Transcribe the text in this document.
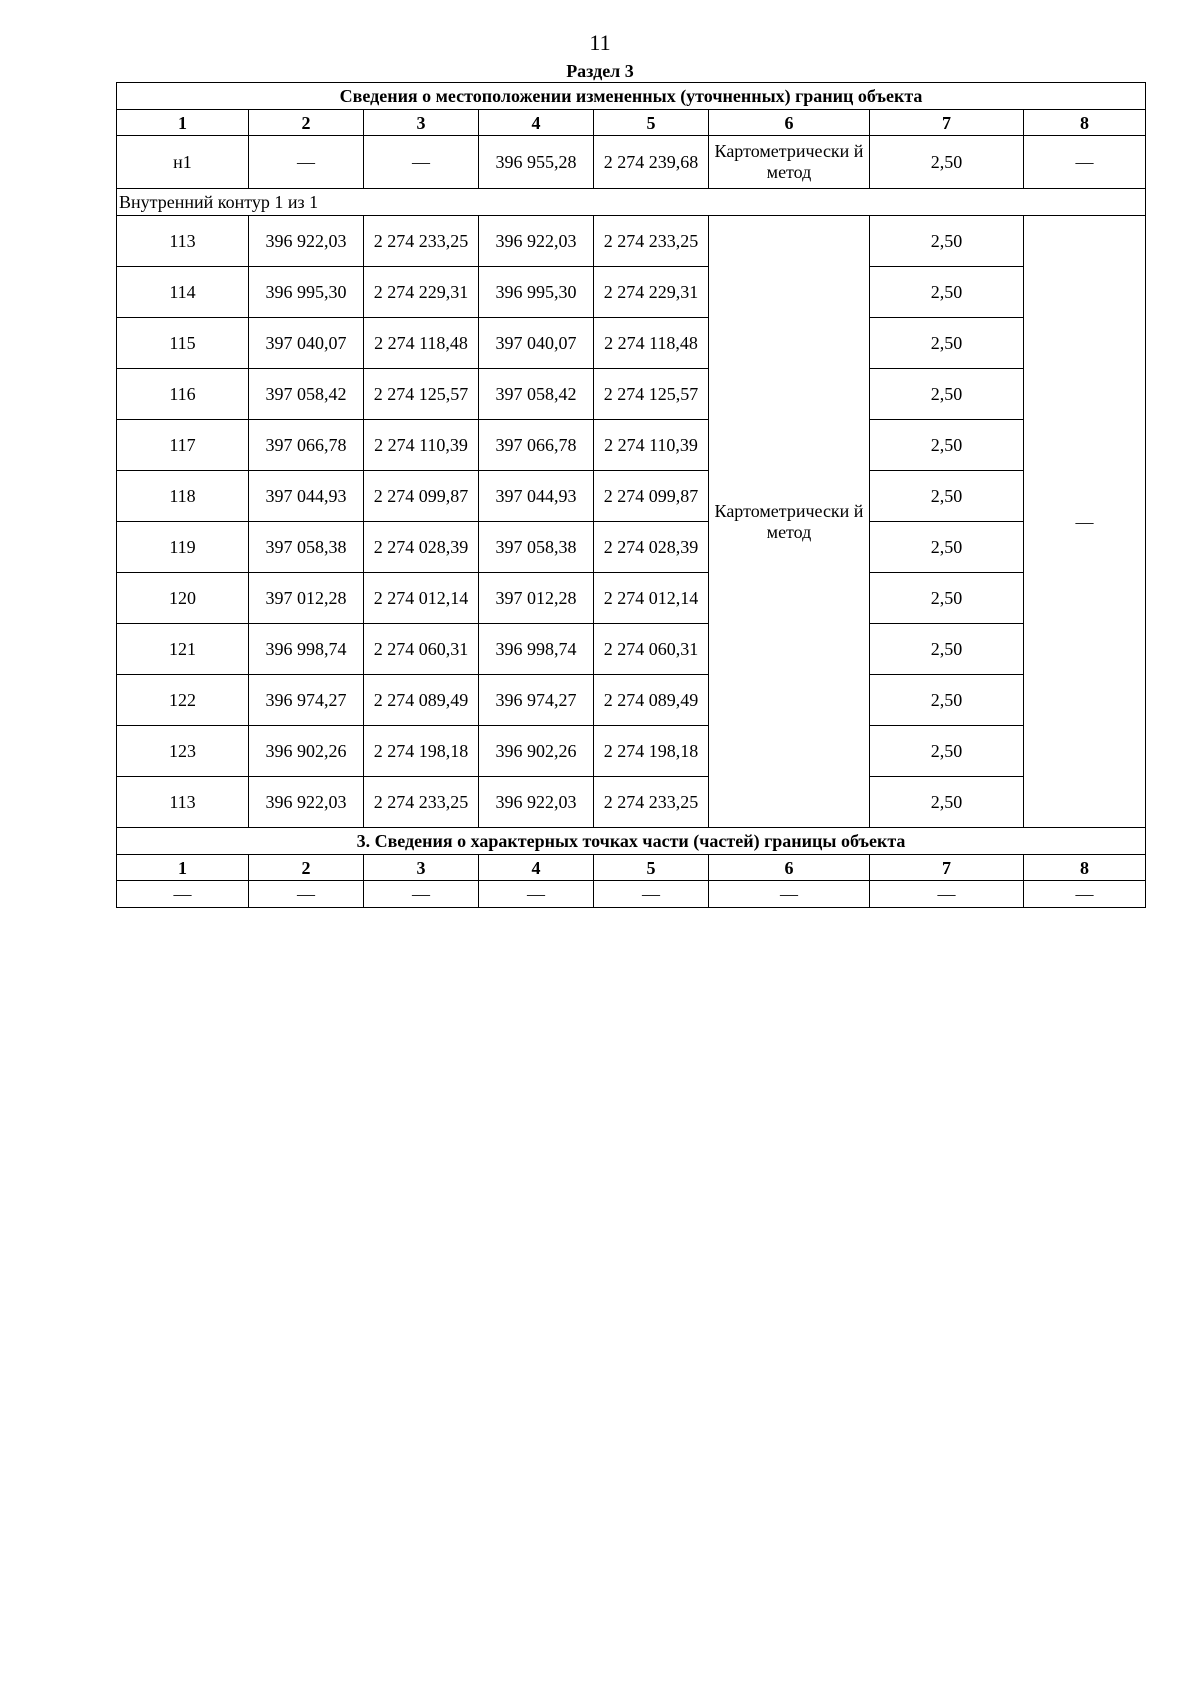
11
Раздел 3
Сведения о местоположении измененных (уточненных) границ объекта							
1	2	3	4	5	6	7	8
н1	—	—	396 955,28	2 274 239,68	Картометрически й метод	2,50	—
Внутренний контур 1 из 1							
113	396 922,03	2 274 233,25	396 922,03	2 274 233,25	Картометрически й метод	2,50	—
114	396 995,30	2 274 229,31	396 995,30	2 274 229,31		2,50	
115	397 040,07	2 274 118,48	397 040,07	2 274 118,48		2,50	
116	397 058,42	2 274 125,57	397 058,42	2 274 125,57		2,50	
117	397 066,78	2 274 110,39	397 066,78	2 274 110,39		2,50	
118	397 044,93	2 274 099,87	397 044,93	2 274 099,87		2,50	
119	397 058,38	2 274 028,39	397 058,38	2 274 028,39		2,50	
120	397 012,28	2 274 012,14	397 012,28	2 274 012,14		2,50	
121	396 998,74	2 274 060,31	396 998,74	2 274 060,31		2,50	
122	396 974,27	2 274 089,49	396 974,27	2 274 089,49		2,50	
123	396 902,26	2 274 198,18	396 902,26	2 274 198,18		2,50	
113	396 922,03	2 274 233,25	396 922,03	2 274 233,25		2,50	
3. Сведения о характерных точках части (частей) границы объекта							
1	2	3	4	5	6	7	8
—	—	—	—	—	—	—	—
